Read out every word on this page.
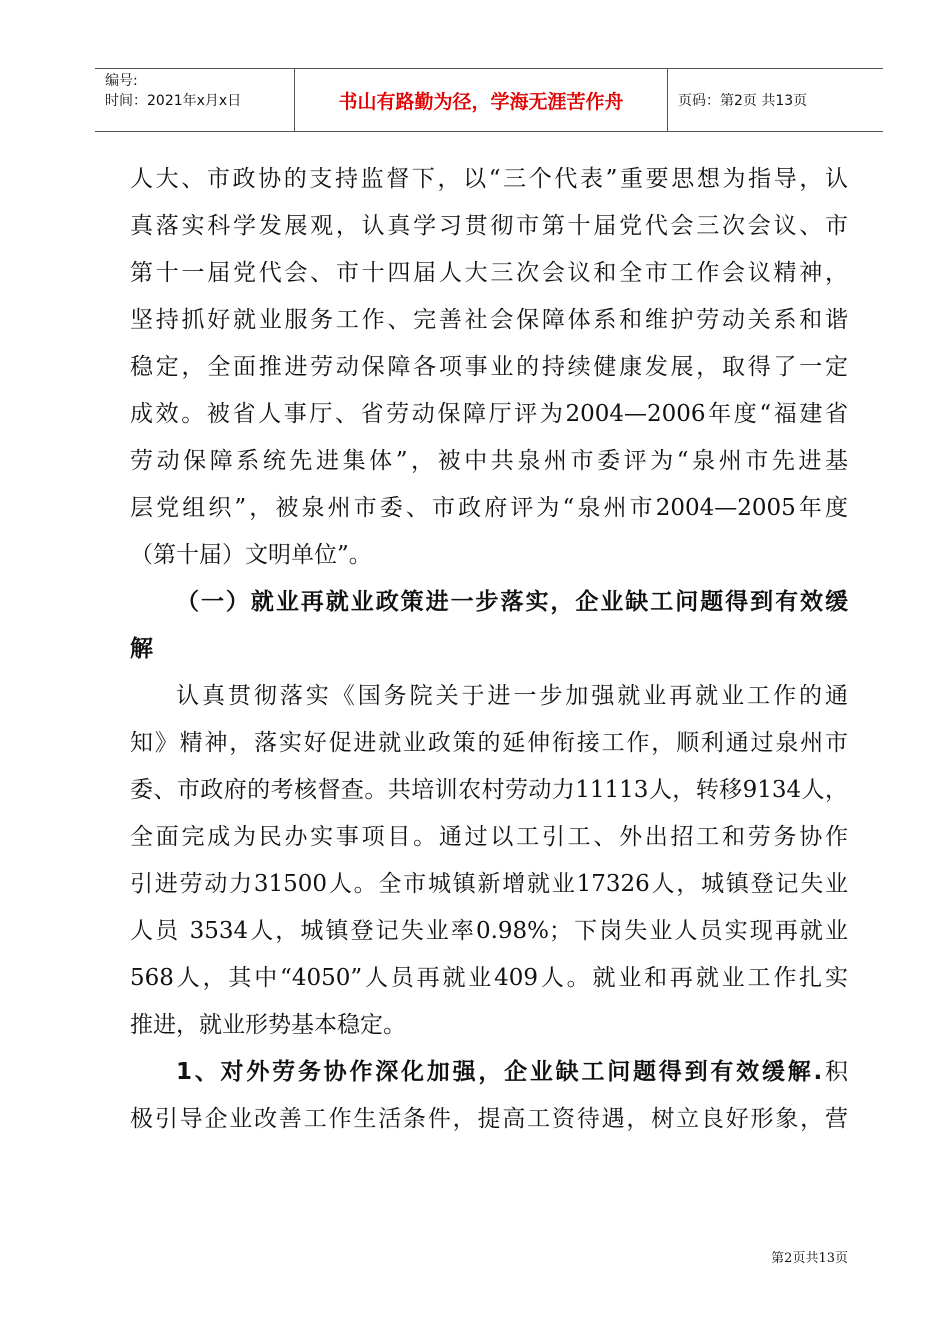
编号:
时间：2021年x月x日	书山有路勤为径，学海无涯苦作舟	页码：第2页 共13页

人大、市政协的支持监督下，以“三个代表”重要思想为指导，认

真落实科学发展观，认真学习贯彻市第十届党代会三次会议、市

第十一届党代会、市十四届人大三次会议和全市工作会议精神，

坚持抓好就业服务工作、完善社会保障体系和维护劳动关系和谐

稳定，全面推进劳动保障各项事业的持续健康发展，取得了一定

成效。被省人事厅、省劳动保障厅评为2004—2006年度“福建省

劳动保障系统先进集体”，被中共泉州市委评为“泉州市先进基

层党组织”，被泉州市委、市政府评为“泉州市2004—2005年度

（第十届）文明单位”。

（一）就业再就业政策进一步落实，企业缺工问题得到有效缓

解

认真贯彻落实《国务院关于进一步加强就业再就业工作的通

知》精神，落实好促进就业政策的延伸衔接工作，顺利通过泉州市

委、市政府的考核督查。共培训农村劳动力11113人，转移9134人，

全面完成为民办实事项目。通过以工引工、外出招工和劳务协作

引进劳动力31500人。全市城镇新增就业17326人，城镇登记失业

人员 3534人，城镇登记失业率0.98%；下岗失业人员实现再就业

568人，其中“4050”人员再就业409人。就业和再就业工作扎实

推进，就业形势基本稳定。

1、对外劳务协作深化加强，企业缺工问题得到有效缓解.积

极引导企业改善工作生活条件，提高工资待遇，树立良好形象，营

第2页共13页
